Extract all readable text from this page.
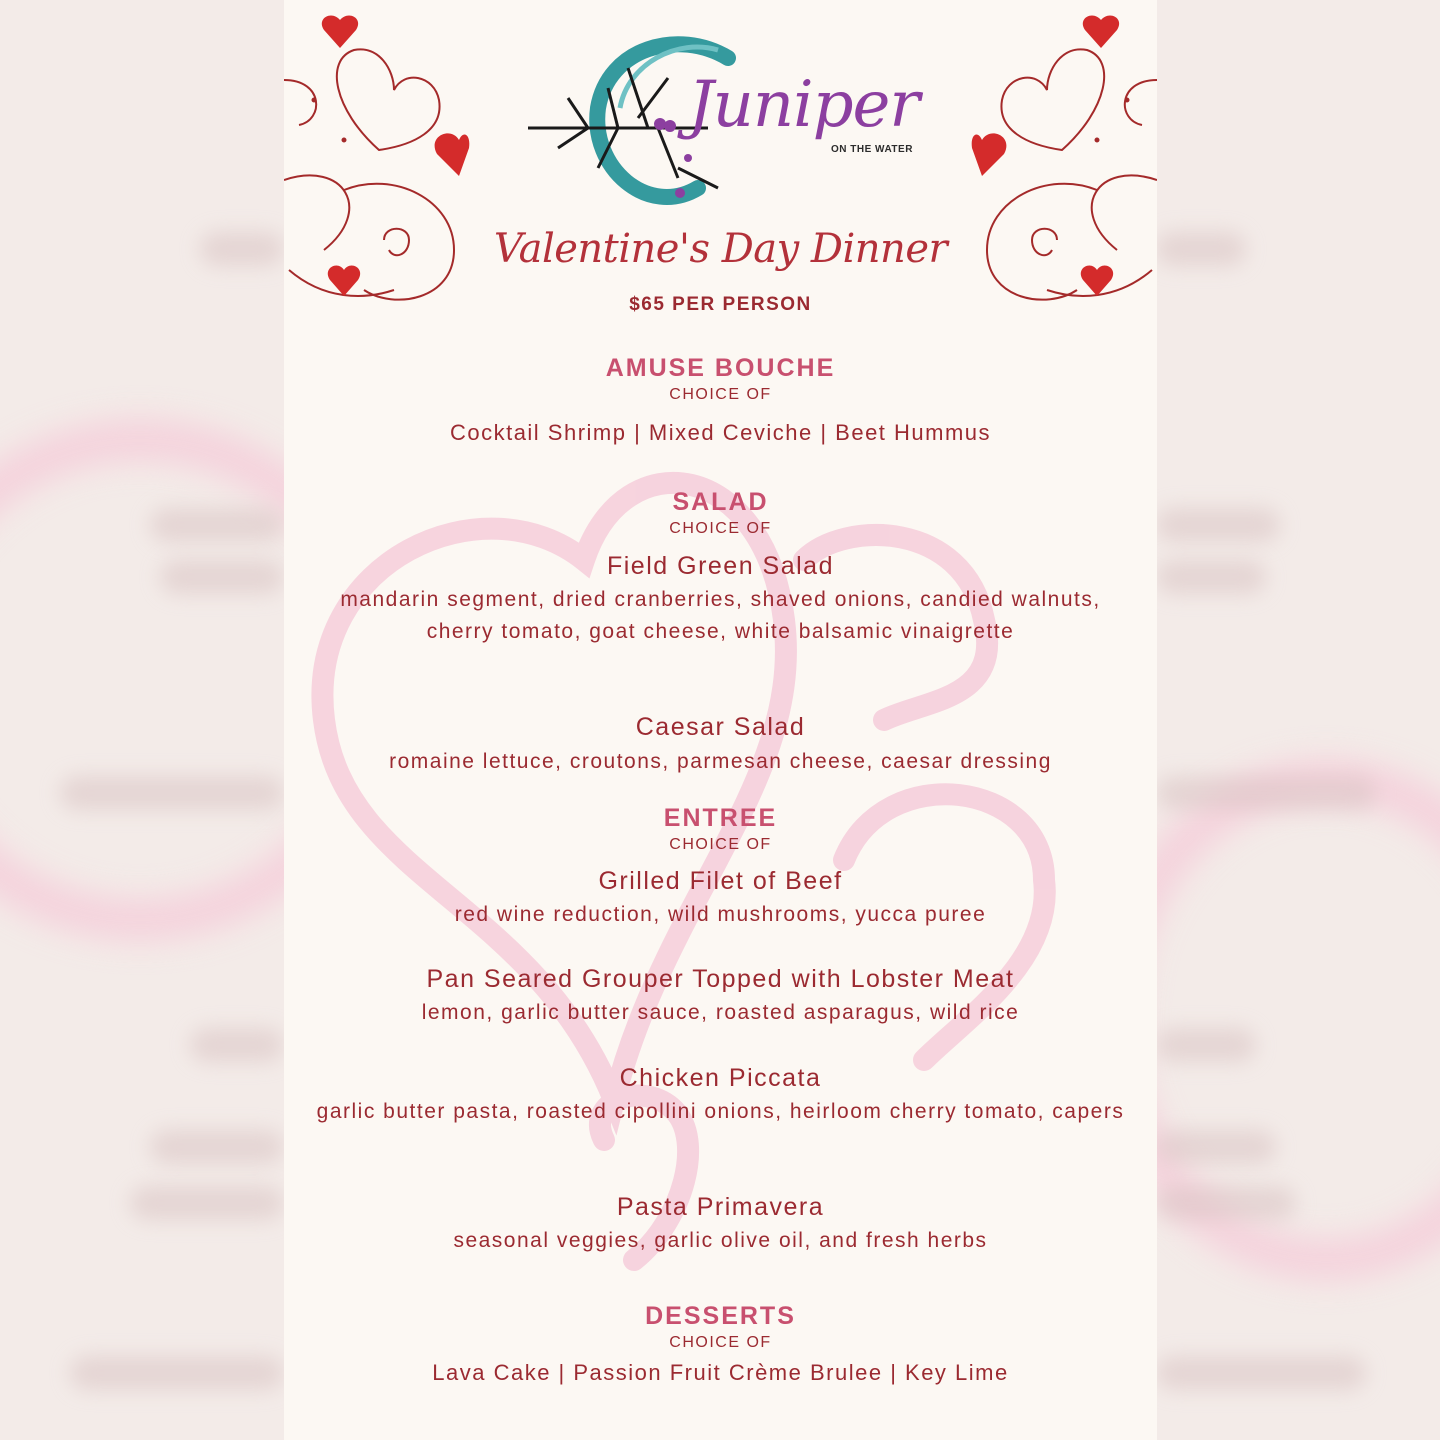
Juniper
ON THE WATER
Valentine's Day Dinner
$65 PER PERSON
AMUSE BOUCHE
CHOICE OF
Cocktail Shrimp | Mixed Ceviche | Beet Hummus
SALAD
CHOICE OF
Field Green Salad
mandarin segment, dried cranberries, shaved onions, candied walnuts, cherry tomato, goat cheese, white balsamic vinaigrette
Caesar Salad
romaine lettuce, croutons, parmesan cheese, caesar dressing
ENTREE
CHOICE OF
Grilled Filet of Beef
red wine reduction, wild mushrooms, yucca puree
Pan Seared Grouper Topped with Lobster Meat
lemon, garlic butter sauce, roasted asparagus, wild rice
Chicken Piccata
garlic butter pasta, roasted cipollini onions, heirloom cherry tomato, capers
Pasta Primavera
seasonal veggies, garlic olive oil, and fresh herbs
DESSERTS
CHOICE OF
Lava Cake | Passion Fruit Crème Brulee | Key Lime
